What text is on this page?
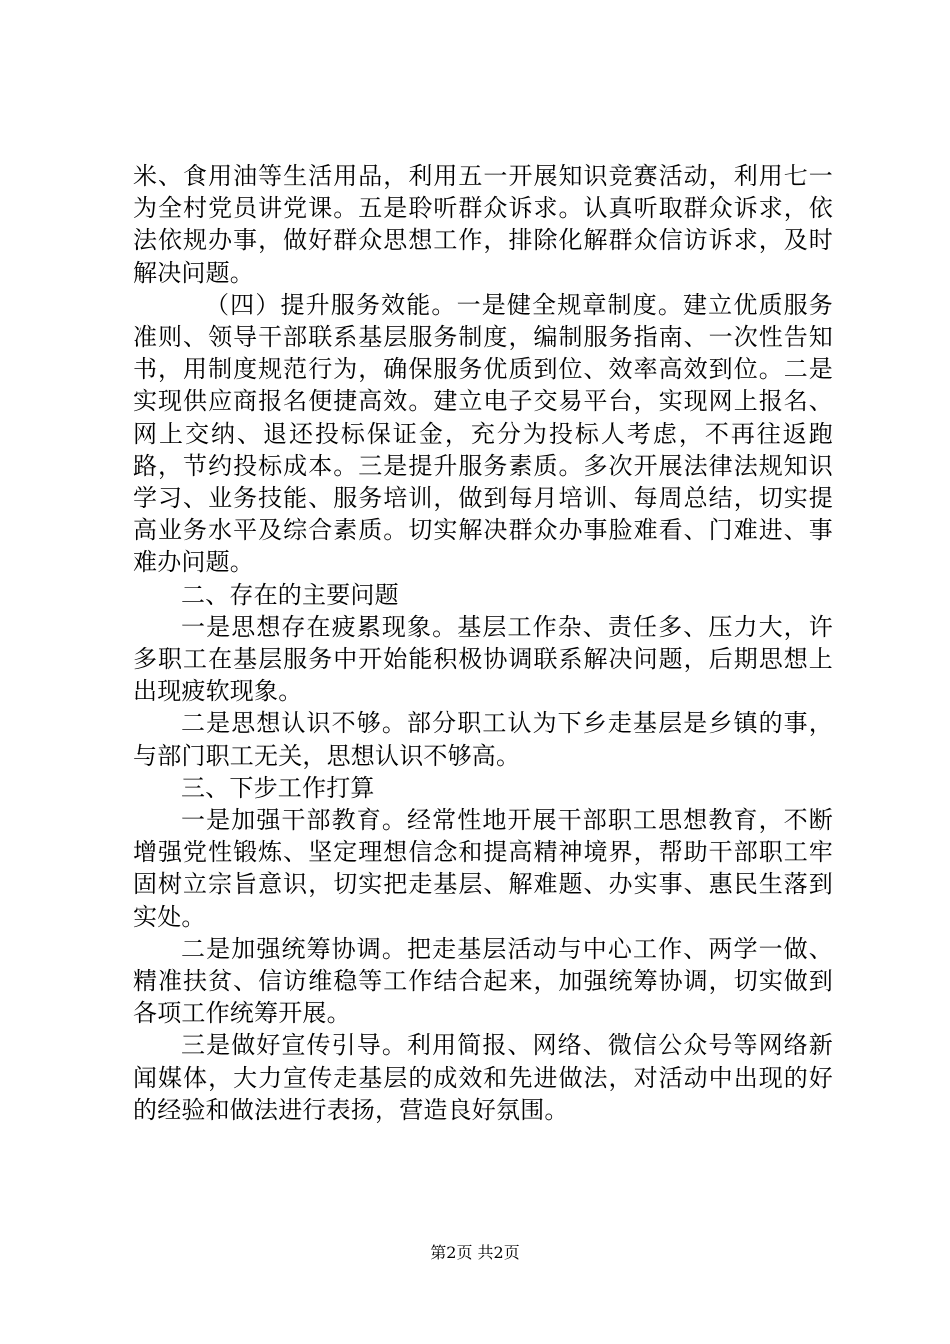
米、食用油等生活用品，利用五一开展知识竞赛活动，利用七一为全村党员讲党课。五是聆听群众诉求。认真听取群众诉求，依法依规办事，做好群众思想工作，排除化解群众信访诉求，及时解决问题。

（四）提升服务效能。一是健全规章制度。建立优质服务准则、领导干部联系基层服务制度，编制服务指南、一次性告知书，用制度规范行为，确保服务优质到位、效率高效到位。二是实现供应商报名便捷高效。建立电子交易平台，实现网上报名、网上交纳、退还投标保证金，充分为投标人考虑，不再往返跑路，节约投标成本。三是提升服务素质。多次开展法律法规知识学习、业务技能、服务培训，做到每月培训、每周总结，切实提高业务水平及综合素质。切实解决群众办事脸难看、门难进、事难办问题。

二、存在的主要问题

一是思想存在疲累现象。基层工作杂、责任多、压力大，许多职工在基层服务中开始能积极协调联系解决问题，后期思想上出现疲软现象。

二是思想认识不够。部分职工认为下乡走基层是乡镇的事，与部门职工无关，思想认识不够高。

三、下步工作打算

一是加强干部教育。经常性地开展干部职工思想教育，不断增强党性锻炼、坚定理想信念和提高精神境界，帮助干部职工牢固树立宗旨意识，切实把走基层、解难题、办实事、惠民生落到实处。

二是加强统筹协调。把走基层活动与中心工作、两学一做、精准扶贫、信访维稳等工作结合起来，加强统筹协调，切实做到各项工作统筹开展。

三是做好宣传引导。利用简报、网络、微信公众号等网络新闻媒体，大力宣传走基层的成效和先进做法，对活动中出现的好的经验和做法进行表扬，营造良好氛围。

第2页 共2页
